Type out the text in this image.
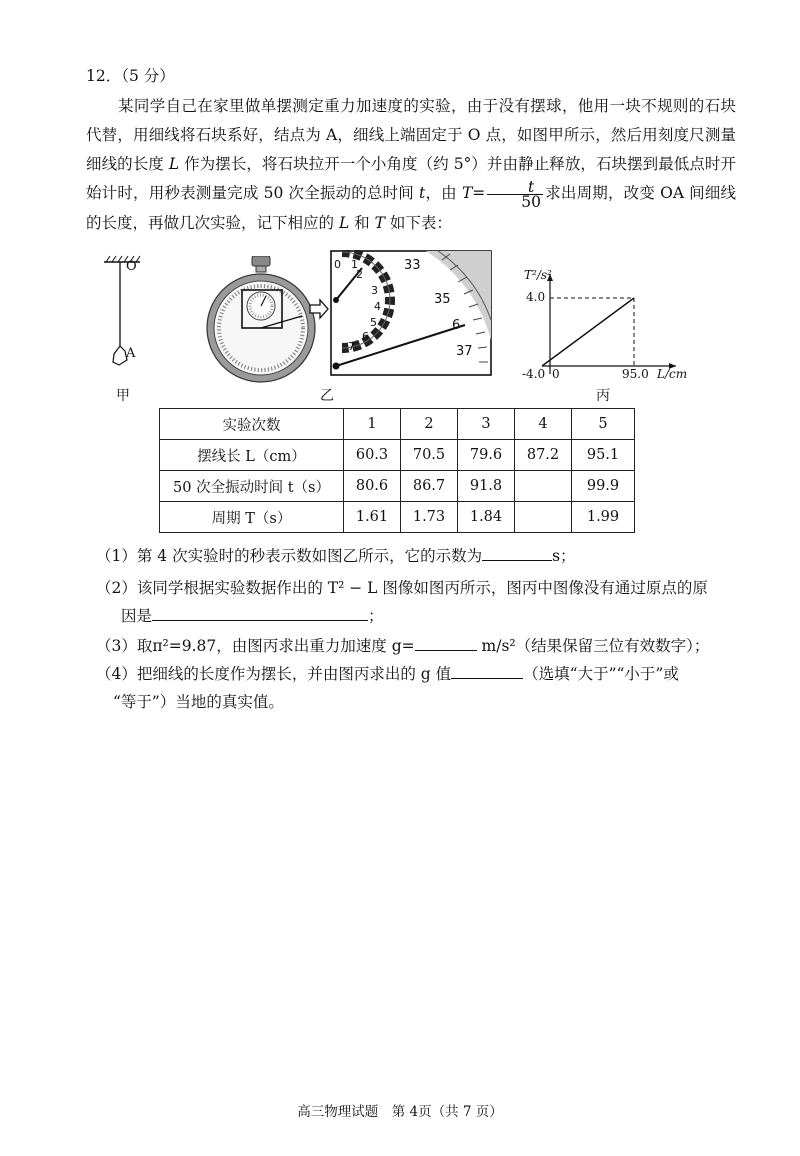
12．（5 分）
某同学自己在家里做单摆测定重力加速度的实验，由于没有摆球，他用一块不规则的石块代替，用细线将石块系好，结点为 A，细线上端固定于 O 点，如图甲所示，然后用刻度尺测量细线的长度 L 作为摆长，将石块拉开一个小角度（约 5°）并由静止释放，石块摆到最低点时开始计时，用秒表测量完成 50 次全振动的总时间 t，由 $T= \frac{t}{50}$ 求出周期，改变 OA 间细线的长度，再做几次实验，记下相应的 L 和 T 如下表：
O
A
甲
0 1
2
3
4
5
6
7
33
35
6
37
乙
T²/s²
4.0
-4.0 0	95.0 L/cm
丙
实验次数	1	2	3	4	5
摆线长 L（cm）	60.3	70.5	79.6	87.2	95.1
50 次全振动时间 t（s）	80.6	86.7	91.8		99.9
周期 T（s）	1.61	1.73	1.84		1.99
（1）第 4 次实验时的秒表示数如图乙所示，它的示数为	s；
（2）该同学根据实验数据作出的 T² − L 图像如图丙所示，图丙中图像没有通过原点的原
因是	；
（3）取π²=9.87，由图丙求出重力加速度 g=	m/s²（结果保留三位有效数字）；
（4）把细线的长度作为摆长，并由图丙求出的 g 值	（选填“大于”“小于”或
“等于”）当地的真实值。
高三物理试题　第 4页（共 7 页）
